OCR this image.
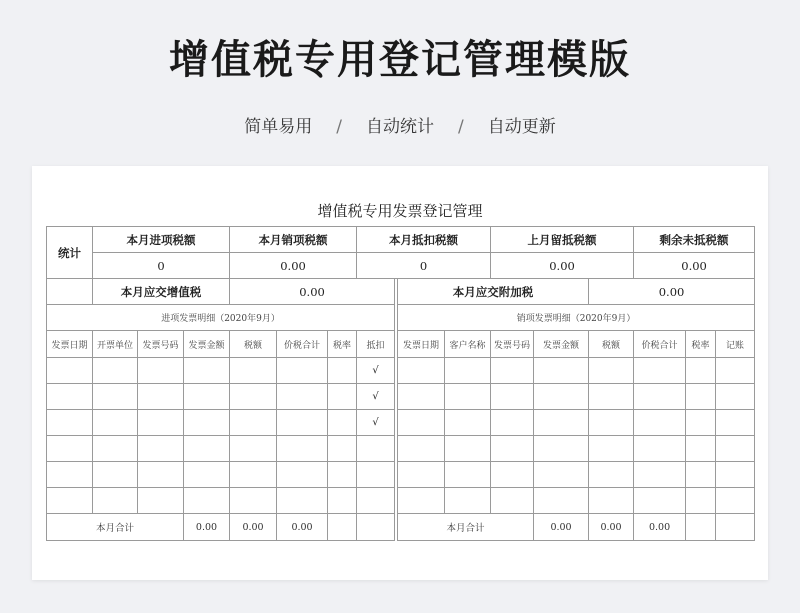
增值税专用登记管理模版
简单易用 / 自动统计 / 自动更新
增值税专用发票登记管理
统计	本月进项税额			本月销项税额			本月抵扣税额				上月留抵税额			剩余未抵税额		
	0			0.00			0				0.00			0.00		
	本月应交增值税			0.00					本月应交附加税				0.00			
进项发票明细（2020年9月）									销项发票明细（2020年9月）							
发票日期	开票单位	发票号码	发票金额	税额	价税合计	税率	抵扣		发票日期	客户名称	发票号码	发票金额	税额	价税合计	税率	记账
							√									
							√									
							√									

本月合计			0.00	0.00	0.00				本月合计			0.00	0.00	0.00		
